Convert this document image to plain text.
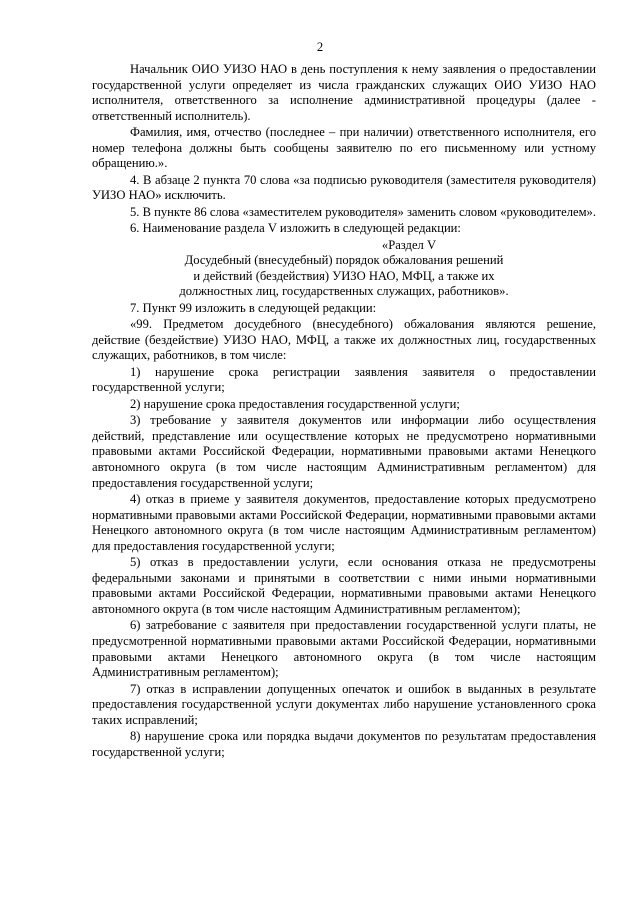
2

Начальник ОИО УИЗО НАО в день поступления к нему заявления о предоставлении государственной услуги определяет из числа гражданских служащих ОИО УИЗО НАО исполнителя, ответственного за исполнение административной процедуры (далее - ответственный исполнитель).

Фамилия, имя, отчество (последнее – при наличии) ответственного исполнителя, его номер телефона должны быть сообщены заявителю по его письменному или устному обращению.».

4. В абзаце 2 пункта 70 слова «за подписью руководителя (заместителя руководителя) УИЗО НАО» исключить.

5. В пункте 86 слова «заместителем руководителя» заменить словом «руководителем».

6. Наименование раздела V изложить в следующей редакции:

«Раздел V

Досудебный (внесудебный) порядок обжалования решений

и действий (бездействия) УИЗО НАО, МФЦ, а также их

должностных лиц, государственных служащих, работников».

7. Пункт 99 изложить в следующей редакции:

«99. Предметом досудебного (внесудебного) обжалования являются решение, действие (бездействие) УИЗО НАО, МФЦ, а также их должностных лиц, государственных служащих, работников, в том числе:

1) нарушение срока регистрации заявления заявителя о предоставлении государственной услуги;

2) нарушение срока предоставления государственной услуги;

3) требование у заявителя документов или информации либо осуществления действий, представление или осуществление которых не предусмотрено нормативными правовыми актами Российской Федерации, нормативными правовыми актами Ненецкого автономного округа (в том числе настоящим Административным регламентом) для предоставления государственной услуги;

4) отказ в приеме у заявителя документов, предоставление которых предусмотрено нормативными правовыми актами Российской Федерации, нормативными правовыми актами Ненецкого автономного округа (в том числе настоящим Административным регламентом) для предоставления государственной услуги;

5) отказ в предоставлении услуги, если основания отказа не предусмотрены федеральными законами и принятыми в соответствии с ними иными нормативными правовыми актами Российской Федерации, нормативными правовыми актами Ненецкого автономного округа (в том числе настоящим Административным регламентом);

6) затребование с заявителя при предоставлении государственной услуги платы, не предусмотренной нормативными правовыми актами Российской Федерации, нормативными правовыми актами Ненецкого автономного округа (в том числе настоящим Административным регламентом);

7) отказ в исправлении допущенных опечаток и ошибок в выданных в результате предоставления государственной услуги документах либо нарушение установленного срока таких исправлений;

8) нарушение срока или порядка выдачи документов по результатам предоставления государственной услуги;
